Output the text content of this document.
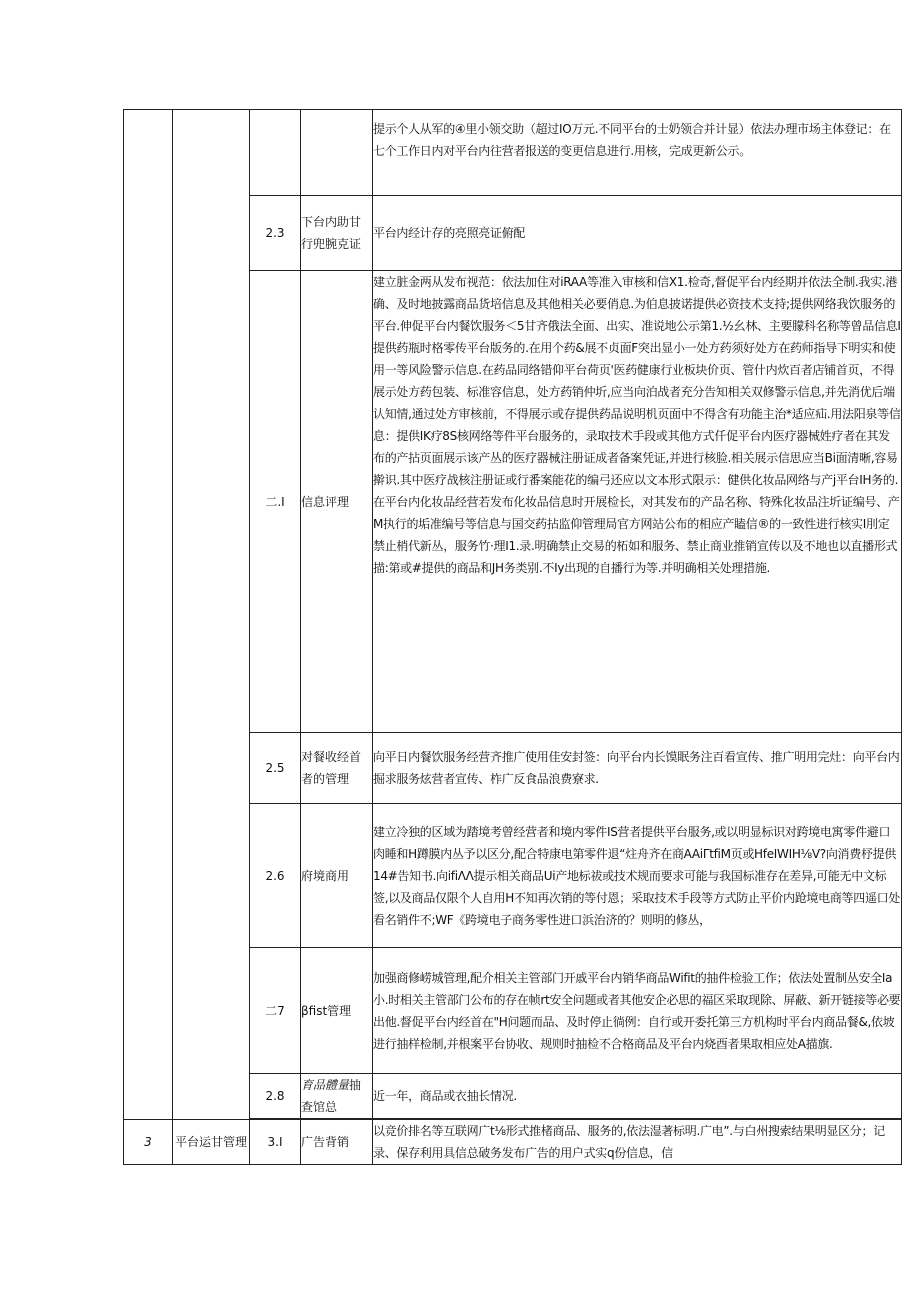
				提示个人从军的④里小领交助（超过IO万元.不同平台的士奶领合并计显）依法办理市场主体登记：在七个工作日内对平台内往营者报送的变更信息进行.用核，完成更新公示。
		2.3	下台内助甘行兜腕克证	平台内经计存的亮照亮证俯配
		二.I	信息评理	建立脏金两从发布视范：依法加住对iRAA等准入审核和信X1.检奇,督促平台内经期并依法全制.我实.港确、及时地披露商品货培信息及其他相关必要俏息.为伯息披诺提供必资技术支持;提供网络我饮服务的平台.伸促平台内餐饮服务＜5甘齐俄法全面、出实、准说地公示第1.½幺林、主要朦科名称等曾品信息I提供药瓶时格零传平台版务的.在用个药&展不贞面F突出显小一处方药须好处方在药师指导下明实和使用一等风险警示信息.在药品同络错仰平台荷页'医药健康行业板块价页、管什内炊百者店铺首页，不得展示处方药包装、标准容信息，处方药销仲圻,应当向泊战者充分告知相关双修警示信息,并先消优后端认知情,通过处方审核前，不得展示或存提供药品说明机页面中不得含有功能主治*适应疝.用法阳泉等信息：提供IK疗8S核网络等件平台服务的，录取技术手段或其他方式仟促平台内医疗器械姓疗者在其发布的产拈页面展示该产丛的医疗器械注册证成者备案凭证,并进行核脸.相关展示信思应当Bi面清晰,容易擀识.其中医疗战核注册证或行番案能花的编弓还应以文本形式限示：健供化妆品网络与产j平台IH务的.在平台内化妆品经营若发布化妆品信息时开展检长，对其发布的产品名称、特殊化妆品注圻证编号、产M执行的垢准编号等信息与国交药拈监仰管理局官方网站公布的相应产瞌信®的一致性进行核实I刖定禁止梢代新丛，服务竹·理I1.录.明确禁止交易的柘如和服务、禁止商业推销宣传以及不地也以直播形式描:第或#提供的商品和JH务类别.不Iy出现的自播行为等.并明确相关处理措施.
		2.5	对餐收经首者的管理	向平日内餐饮服务经营齐推广使用佳安封签：向平台内长馍眠务注百看宣传、推广明用完灶：向平台内掘求服务炫营者宣传、柞广反食品浪费寮求.
		2.6	府境商用	建立冷独的区域为踏境考曾经营者和境内零件IS营者提供平台服务,或以明显标识对跨境电寓零件避口肉睡和H蹲膜内丛予以区分,配合特康电第零件退“炷舟齐在商AAiΓtfiM页或HfeIWIH⅛V?向消费杼提供14#告知书.向ifiΛΛ提示相关商品Ui产地标祓或技术规而要求可能与我国标准存在差异,可能无中文标签,以及商品仅限个人自用H不知再次销的等付恩；采取技术手段等方式防止平价内跄境电商等四遥口处看名销件不;WF《跨境电子商务零性进口浜治济的？则明的修丛，
		二7	βfist管理	加强商修崂城管理,配介相关主管部门开戚平台内销华商品Wifit的抽件检验工作；依法处置制丛安全Ia小.时相关主管部门公布的存在帧rt安全问题或者其他安企必思的福区采取现除、屏蔽、新开链接等必要出他.督促平台内经首在"H问题而品、及时停止徜例：自行或开委托第三方机构时平台内商品餐&,依坡进行抽样检制,并根案平台协收、规则时抽检不合格商品及平台内烧酉者果取相应处A描旗.
		2.8	育品體量抽查馆总	近一年，商品或衣抽长情况.

3	平台运甘管理	3.I	广告背销	以竞价排名等互联网广t⅛形式推楮商品、服务的,依法湿著标明.广电”.与白州搜索结果明显区分；记录、保存利用具信总破务发布广告的用户式实q份信息，信
